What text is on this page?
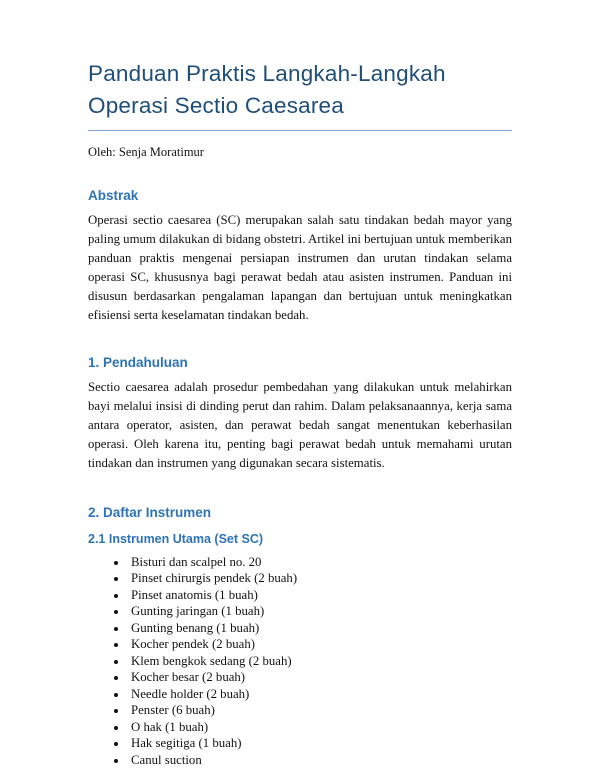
Panduan Praktis Langkah-Langkah Operasi Sectio Caesarea

Oleh: Senja Moratimur

Abstrak

Operasi sectio caesarea (SC) merupakan salah satu tindakan bedah mayor yang paling umum dilakukan di bidang obstetri. Artikel ini bertujuan untuk memberikan panduan praktis mengenai persiapan instrumen dan urutan tindakan selama operasi SC, khususnya bagi perawat bedah atau asisten instrumen. Panduan ini disusun berdasarkan pengalaman lapangan dan bertujuan untuk meningkatkan efisiensi serta keselamatan tindakan bedah.

1. Pendahuluan

Sectio caesarea adalah prosedur pembedahan yang dilakukan untuk melahirkan bayi melalui insisi di dinding perut dan rahim. Dalam pelaksanaannya, kerja sama antara operator, asisten, dan perawat bedah sangat menentukan keberhasilan operasi. Oleh karena itu, penting bagi perawat bedah untuk memahami urutan tindakan dan instrumen yang digunakan secara sistematis.

2. Daftar Instrumen
2.1 Instrumen Utama (Set SC)
• Bisturi dan scalpel no. 20
• Pinset chirurgis pendek (2 buah)
• Pinset anatomis (1 buah)
• Gunting jaringan (1 buah)
• Gunting benang (1 buah)
• Kocher pendek (2 buah)
• Klem bengkok sedang (2 buah)
• Kocher besar (2 buah)
• Needle holder (2 buah)
• Penster (6 buah)
• O hak (1 buah)
• Hak segitiga (1 buah)
• Canul suction
